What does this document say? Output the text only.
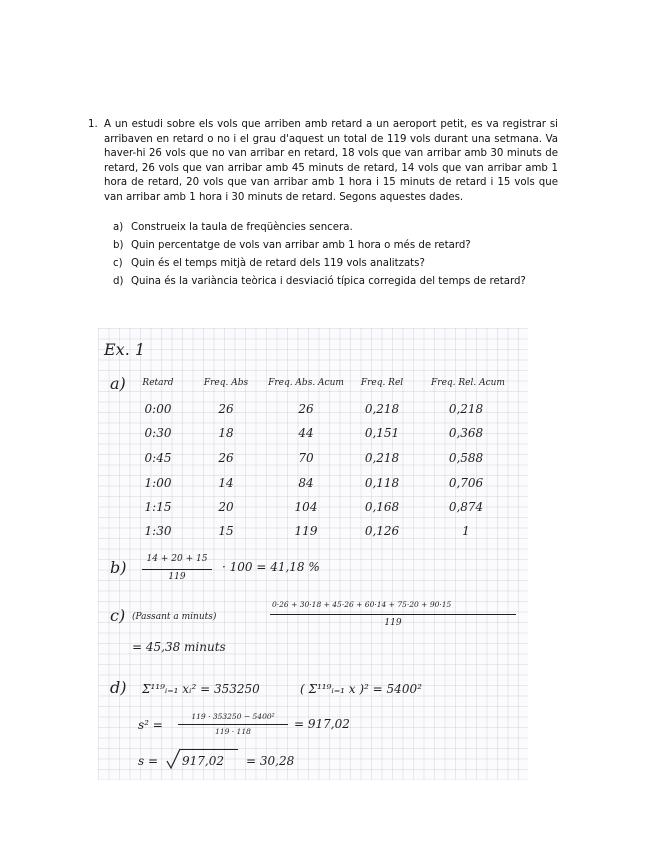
1. A un estudi sobre els vols que arriben amb retard a un aeroport petit, es va registrar si arribaven en retard o no i el grau d'aquest un total de 119 vols durant una setmana. Va haver-hi 26 vols que no van arribar en retard, 18 vols que van arribar amb 30 minuts de retard, 26 vols que van arribar amb 45 minuts de retard, 14 vols que van arribar amb 1 hora de retard, 20 vols que van arribar amb 1 hora i 15 minuts de retard i 15 vols que van arribar amb 1 hora i 30 minuts de retard. Segons aquestes dades.
a) Construeix la taula de freqüències sencera.
b) Quin percentatge de vols van arribar amb 1 hora o més de retard?
c) Quin és el temps mitjà de retard dels 119 vols analitzats?
d) Quina és la variància teòrica i desviació típica corregida del temps de retard?
Ex. 1
a)	Retard	Freq. Abs	Freq. Abs. Acum	Freq. Rel	Freq. Rel. Acum
0:00	26	26	0,218	0,218
0:30	18	44	0,151	0,368
0:45	26	70	0,218	0,588
1:00	14	84	0,118	0,706
1:15	20	104	0,168	0,874
1:30	15	119	0,126	1
b)	14 + 20 + 15
119
· 100 = 41,18 %
c) (Passant a minuts)
0·26 + 30·18 + 45·26 + 60·14 + 75·20 + 90·15
119
= 45,38 minuts
d) Σ¹¹⁹ᵢ₌₁ xᵢ² = 353250	( Σ¹¹⁹ᵢ₌₁ x )² = 5400²
s² =
119 · 353250 − 5400²
119 · 118
= 917,02
s = 917,02 = 30,28
